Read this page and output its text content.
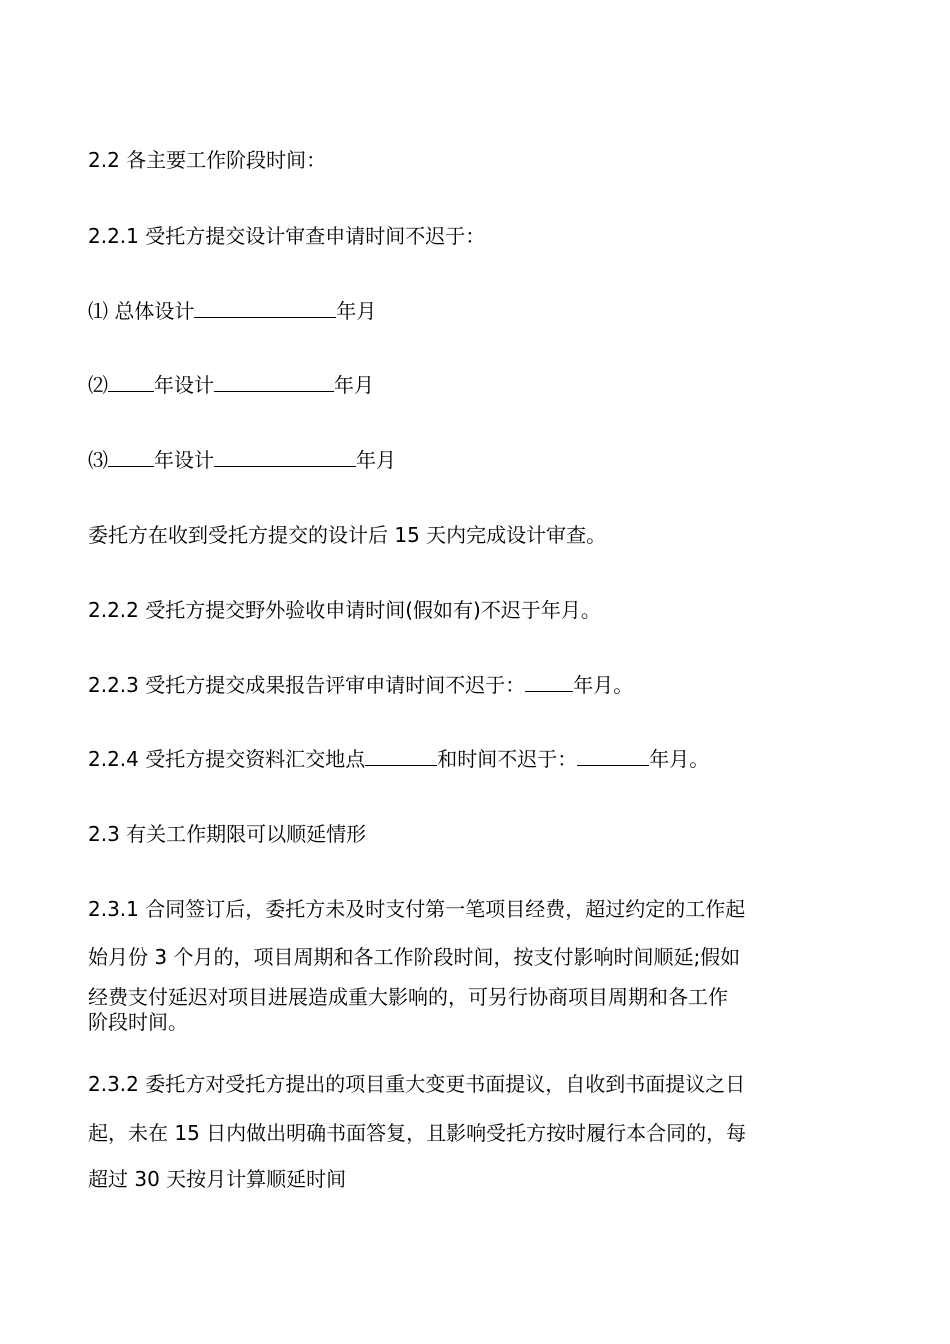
2.2 各主要工作阶段时间：
2.2.1 受托方提交设计审查申请时间不迟于：
⑴ 总体设计	年月
⑵ 年设计	年月
⑶ 年设计	年月
委托方在收到受托方提交的设计后 15 天内完成设计审查。
2.2.2 受托方提交野外验收申请时间(假如有)不迟于年月。
2.2.3 受托方提交成果报告评审申请时间不迟于： 年月。
2.2.4 受托方提交资料汇交地点	和时间不迟于：	年月。
2.3 有关工作期限可以顺延情形
2.3.1 合同签订后，委托方未及时支付第一笔项目经费，超过约定的工作起
始月份 3 个月的，项目周期和各工作阶段时间，按支付影响时间顺延;假如
经费支付延迟对项目进展造成重大影响的，可另行协商项目周期和各工作
阶段时间。
2.3.2 委托方对受托方提出的项目重大变更书面提议，自收到书面提议之日
起，未在 15 日内做出明确书面答复，且影响受托方按时履行本合同的，每
超过 30 天按月计算顺延时间
